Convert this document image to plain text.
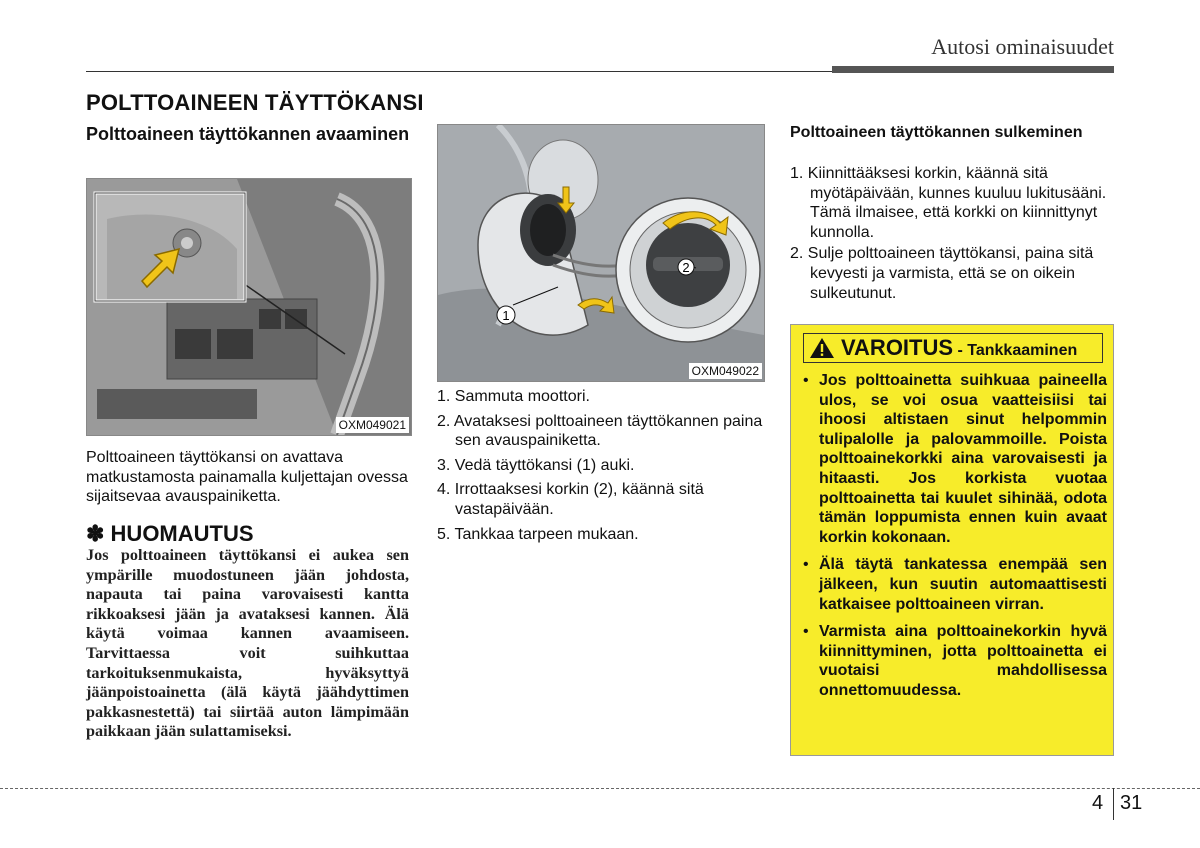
Autosi ominaisuudet
POLTTOAINEEN TÄYTTÖKANSI
Polttoaineen täyttökannen avaaminen
OXM049021
Polttoaineen täyttökansi on avattava matkustamosta painamalla kuljettajan ovessa sijaitsevaa avauspainiketta.
✽ HUOMAUTUS
Jos polttoaineen täyttökansi ei aukea sen ympärille muodostuneen jään johdosta, napauta tai paina varovaisesti kantta rikkoaksesi jään ja avataksesi kannen. Älä käytä voimaa kannen avaamiseen. Tarvittaessa voit suihkuttaa tarkoituksenmukaista, hyväksyttyä jäänpoistoainetta (älä käytä jäähdyttimen pakkasnestettä) tai siirtää auton lämpimään paikkaan jään sulattamiseksi.
1
2
OXM049022
1. Sammuta moottori.
2. Avataksesi polttoaineen täyttökannen paina sen avauspainiketta.
3. Vedä täyttökansi (1) auki.
4. Irrottaaksesi korkin (2), käännä sitä vastapäivään.
5. Tankkaa tarpeen mukaan.
Polttoaineen täyttökannen sulkeminen
1. Kiinnittääksesi korkin, käännä sitä myötäpäivään, kunnes kuuluu lukitusääni. Tämä ilmaisee, että korkki on kiinnittynyt kunnolla.
2. Sulje polttoaineen täyttökansi, paina sitä kevyesti ja varmista, että se on oikein sulkeutunut.
VAROITUS - Tankkaaminen
• Jos polttoainetta suihkuaa paineella ulos, se voi osua vaatteisiisi tai ihoosi altistaen sinut helpommin tulipalolle ja palovammoille. Poista polttoainekorkki aina varovaisesti ja hitaasti. Jos korkista vuotaa polttoainetta tai kuulet sihinää, odota tämän loppumista ennen kuin avaat korkin kokonaan.
• Älä täytä tankatessa enempää sen jälkeen, kun suutin automaattisesti katkaisee polttoaineen virran.
• Varmista aina polttoainekorkin hyvä kiinnittyminen, jotta polttoainetta ei vuotaisi mahdollisessa onnettomuudessa.
4 31
